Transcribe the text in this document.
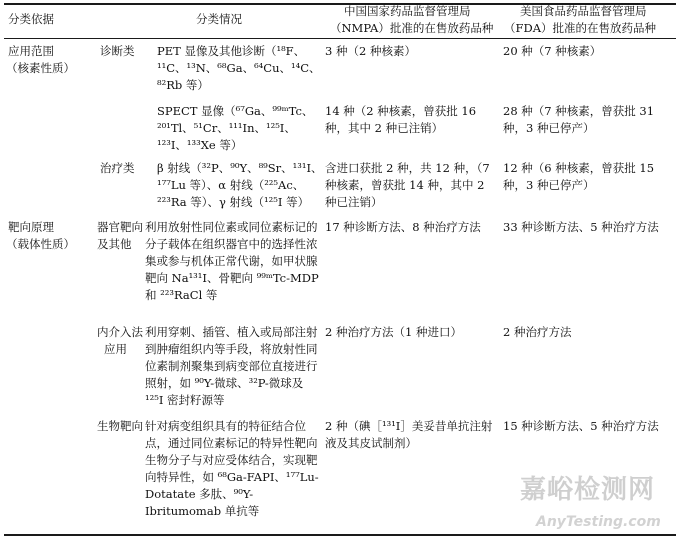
分类依据	分类情况
中国国家药品监督管理局
（NMPA）批准的在售放药品种
美国食品药品监督管理局
（FDA）批准的在售放药品种
应用范围
（核素性质）
靶向原理
（载体性质）
诊断类
治疗类
器官靶向
及其他
内介入法
应用
生物靶向
PET 显像及其他诊断（¹⁸F、¹¹C、¹³N、⁶⁸Ga、⁶⁴Cu、¹⁴C、⁸²Rb 等）
SPECT 显像（⁶⁷Ga、⁹⁹ᵐTc、²⁰¹Tl、⁵¹Cr、¹¹¹In、¹²⁵I、¹²³I、¹³³Xe 等）
β 射线（³²P、⁹⁰Y、⁸⁹Sr、¹³¹I、¹⁷⁷Lu 等）、α 射线（²²⁵Ac、²²³Ra 等）、γ 射线（¹²⁵I 等）
利用放射性同位素或同位素标记的分子载体在组织器官中的选择性浓集或参与机体正常代谢，如甲状腺靶向 Na¹³¹I、骨靶向 ⁹⁹ᵐTc-MDP 和 ²²³RaCl 等
利用穿刺、插管、植入或局部注射到肿瘤组织内等手段，将放射性同位素制剂聚集到病变部位直接进行照射，如 ⁹⁰Y-微球、³²P-微球及 ¹²⁵I 密封籽源等
针对病变组织具有的特征结合位点，通过同位素标记的特异性靶向生物分子与对应受体结合，实现靶向特异性，如 ⁶⁸Ga-FAPI、¹⁷⁷Lu-Dotatate 多肽、⁹⁰Y-Ibritumomab 单抗等
3 种（2 种核素）
14 种（2 种核素，曾获批 16 种，其中 2 种已注销）
含进口获批 2 种，共 12 种，（7 种核素，曾获批 14 种，其中 2 种已注销）
17 种诊断方法、8 种治疗方法
2 种治疗方法（1 种进口）
2 种（碘［¹³¹I］美妥昔单抗注射液及其皮试制剂）
20 种（7 种核素）
28 种（7 种核素，曾获批 31 种，3 种已停产）
12 种（6 种核素，曾获批 15 种，3 种已停产）
33 种诊断方法、5 种治疗方法
2 种治疗方法
15 种诊断方法、5 种治疗方法
嘉峪检测网
AnyTesting.com
